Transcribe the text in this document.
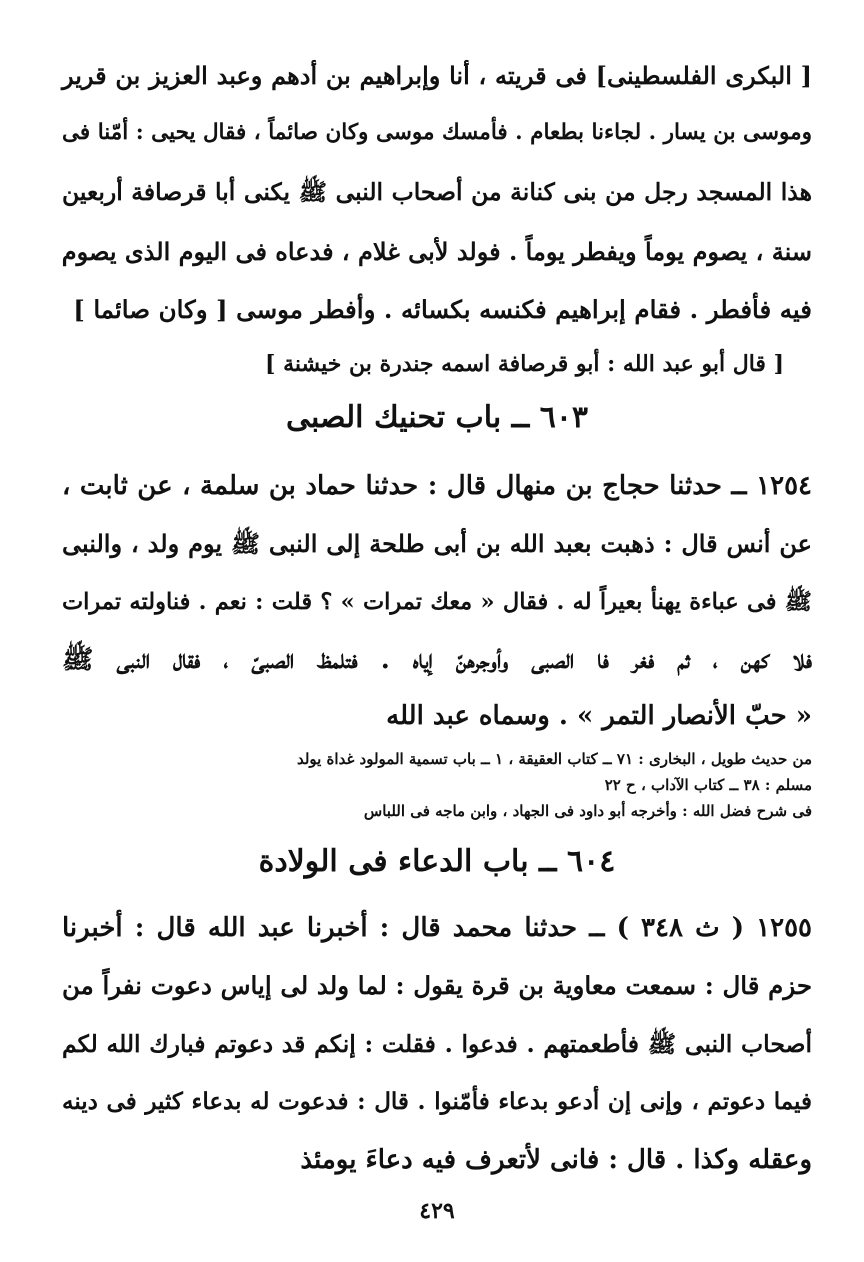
[ البكرى الفلسطينى] فى قريته ، أنا وإبراهيم بن أدهم وعبد العزيز بن قرير
وموسى بن يسار . لجاءنا بطعام . فأمسك موسى وكان صائماً ، فقال يحيى : أمّنا فى
هذا المسجد رجل من بنى كنانة من أصحاب النبى ﷺ يكنى أبا قرصافة أربعين
سنة ، يصوم يوماً ويفطر يوماً . فولد لأبى غلام ، فدعاه فى اليوم الذى يصوم
فيه فأفطر . فقام إبراهيم فكنسه بكسائه . وأفطر موسى [ وكان صائما ]
[ قال أبو عبد الله : أبو قرصافة اسمه جندرة بن خيشنة ]
٦٠٣ ــ باب تحنيك الصبى
١٢٥٤ ــ حدثنا حجاج بن منهال قال : حدثنا حماد بن سلمة ، عن ثابت ،
عن أنس قال : ذهبت بعبد الله بن أبى طلحة إلى النبى ﷺ يوم ولد ، والنبى
ﷺ فى عباءة يهنأ بعيراً له . فقال « معك تمرات » ؟ قلت : نعم . فناولته تمرات
فلا كهن ، ثم فغر فا الصبى وأوجرهنّ إياه . فتلمظ الصبىّ ، فقال النبى ﷺ
« حبّ الأنصار التمر » . وسماه عبد الله
من حديث طويل ، البخارى : ٧١ ــ كتاب العقيقة ، ١ ــ باب تسمية المولود غداة يولد
مسلم : ٣٨ ــ كتاب الآداب ، ح ٢٢
فى شرح فضل الله : وأخرجه أبو داود فى الجهاد ، وابن ماجه فى اللباس
٦٠٤ ــ باب الدعاء فى الولادة
١٢٥٥ ( ث ٣٤٨ ) ــ حدثنا محمد قال : أخبرنا عبد الله قال : أخبرنا
حزم قال : سمعت معاوية بن قرة يقول : لما ولد لى إياس دعوت نفراً من
أصحاب النبى ﷺ فأطعمتهم . فدعوا . فقلت : إنكم قد دعوتم فبارك الله لكم
فيما دعوتم ، وإنى إن أدعو بدعاء فأمّنوا . قال : فدعوت له بدعاء كثير فى دينه
وعقله وكذا . قال : فانى لأتعرف فيه دعاءَ يومئذ
٤٢٩
